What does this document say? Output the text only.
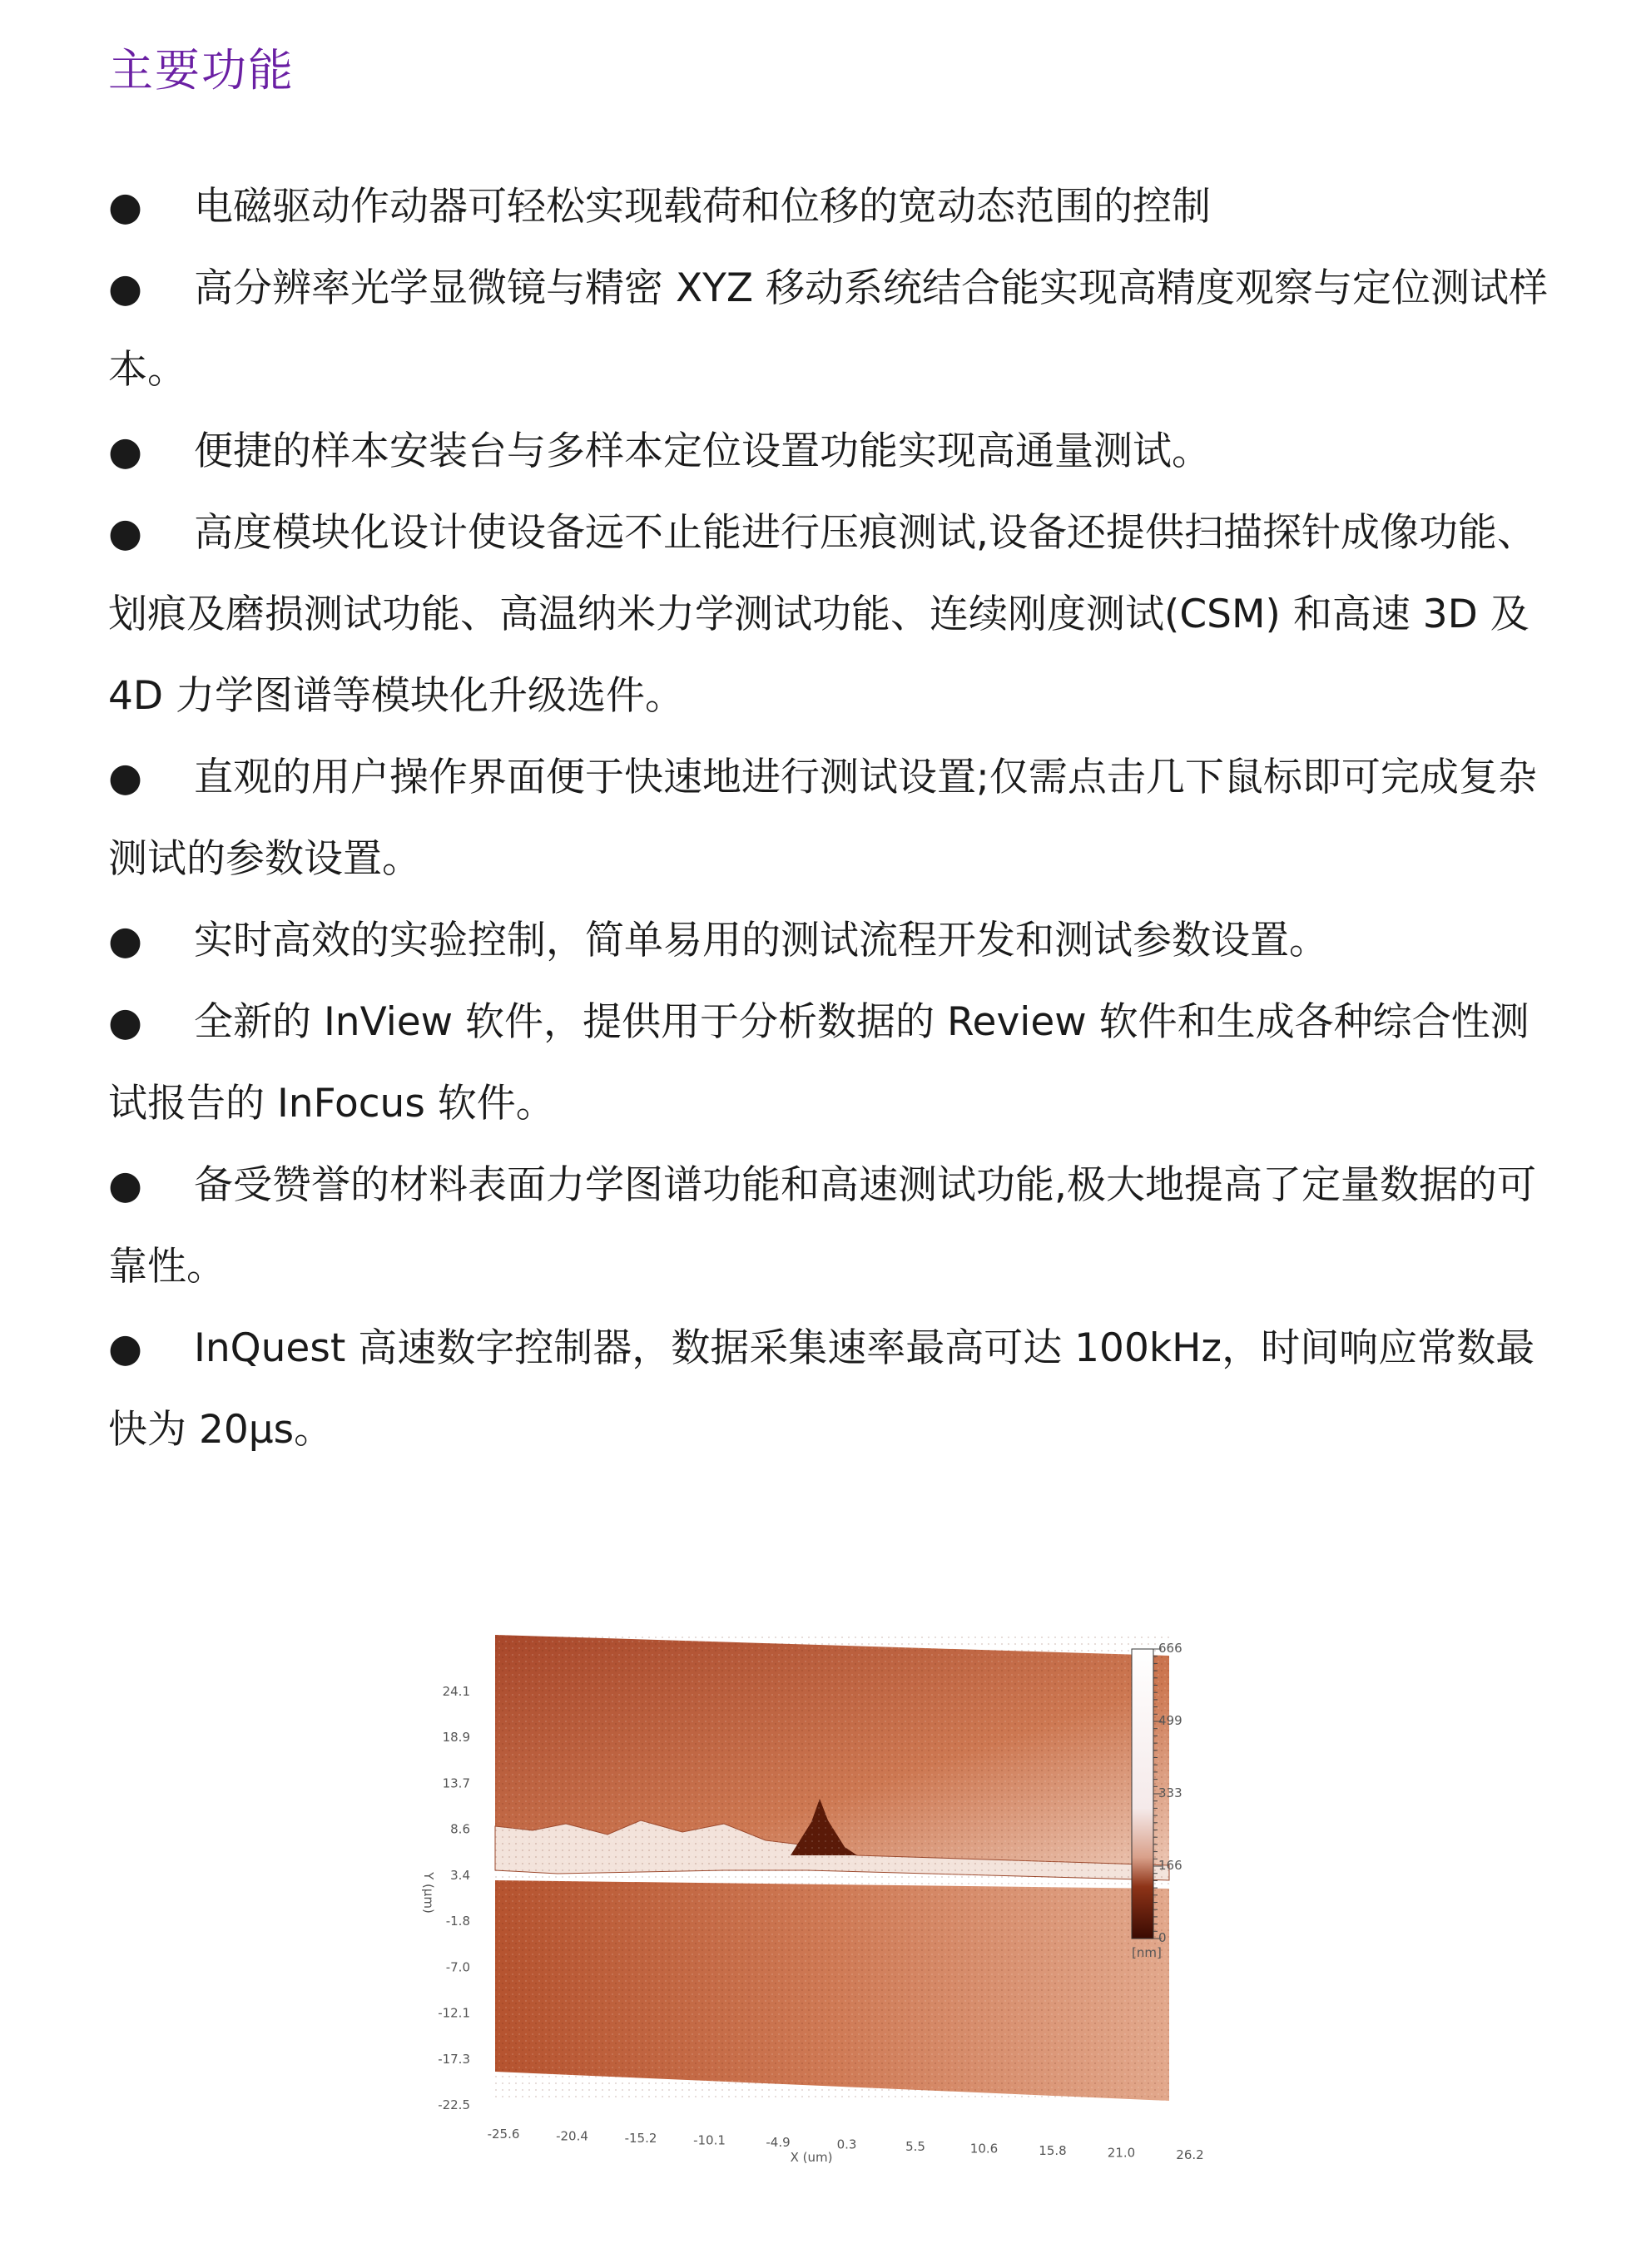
主要功能

● 电磁驱动作动器可轻松实现载荷和位移的宽动态范围的控制

● 高分辨率光学显微镜与精密 XYZ 移动系统结合能实现高精度观察与定位测试样本。

● 便捷的样本安装台与多样本定位设置功能实现高通量测试。

● 高度模块化设计使设备远不止能进行压痕测试,设备还提供扫描探针成像功能、划痕及磨损测试功能、高温纳米力学测试功能、连续刚度测试(CSM) 和高速 3D 及 4D 力学图谱等模块化升级选件。

● 直观的用户操作界面便于快速地进行测试设置;仅需点击几下鼠标即可完成复杂测试的参数设置。

● 实时高效的实验控制，简单易用的测试流程开发和测试参数设置。

● 全新的 InView 软件，提供用于分析数据的 Review 软件和生成各种综合性测试报告的 InFocus 软件。

● 备受赞誉的材料表面力学图谱功能和高速测试功能,极大地提高了定量数据的可靠性。

● InQuest 高速数字控制器，数据采集速率最高可达 100kHz，时间响应常数最快为 20μs。

666
499
333
166
0
[nm]
24.1
18.9
13.7
8.6
3.4
-1.8
-7.0
-12.1
-17.3
-22.5
Y (μm)
-25.6	-20.4	-15.2	-10.1	-4.9	0.3	5.5	10.6	15.8	21.0	26.2
X (um)
